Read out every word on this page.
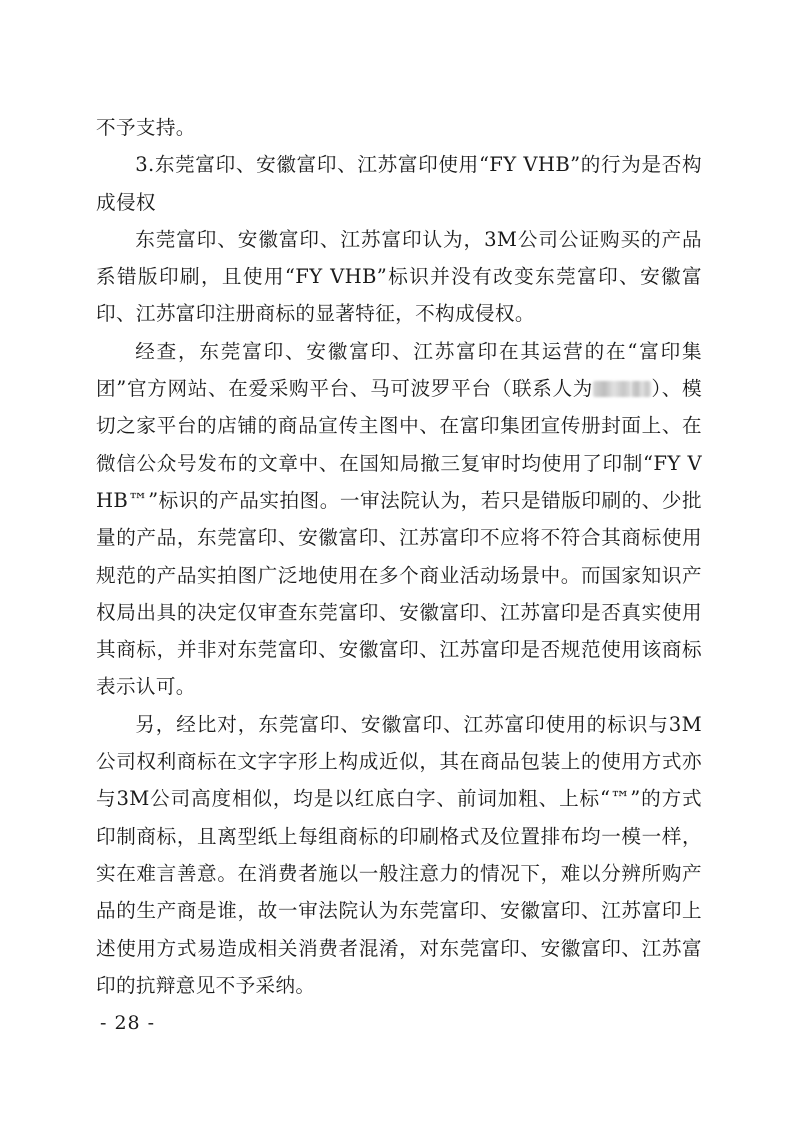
不予支持。

3.东莞富印、安徽富印、江苏富印使用“FY VHB”的行为是否构成侵权

东莞富印、安徽富印、江苏富印认为，3M公司公证购买的产品系错版印刷，且使用“FY VHB”标识并没有改变东莞富印、安徽富印、江苏富印注册商标的显著特征，不构成侵权。

经查，东莞富印、安徽富印、江苏富印在其运营的在“富印集团”官方网站、在爱采购平台、马可波罗平台（联系人为	）、模切之家平台的店铺的商品宣传主图中、在富印集团宣传册封面上、在微信公众号发布的文章中、在国知局撤三复审时均使用了印制“FY VHB™”标识的产品实拍图。一审法院认为，若只是错版印刷的、少批量的产品，东莞富印、安徽富印、江苏富印不应将不符合其商标使用规范的产品实拍图广泛地使用在多个商业活动场景中。而国家知识产权局出具的决定仅审查东莞富印、安徽富印、江苏富印是否真实使用其商标，并非对东莞富印、安徽富印、江苏富印是否规范使用该商标表示认可。

另，经比对，东莞富印、安徽富印、江苏富印使用的标识与3M公司权利商标在文字字形上构成近似，其在商品包装上的使用方式亦与3M公司高度相似，均是以红底白字、前词加粗、上标“™”的方式印制商标，且离型纸上每组商标的印刷格式及位置排布均一模一样，实在难言善意。在消费者施以一般注意力的情况下，难以分辨所购产品的生产商是谁，故一审法院认为东莞富印、安徽富印、江苏富印上述使用方式易造成相关消费者混淆，对东莞富印、安徽富印、江苏富印的抗辩意见不予采纳。

- 28 -
